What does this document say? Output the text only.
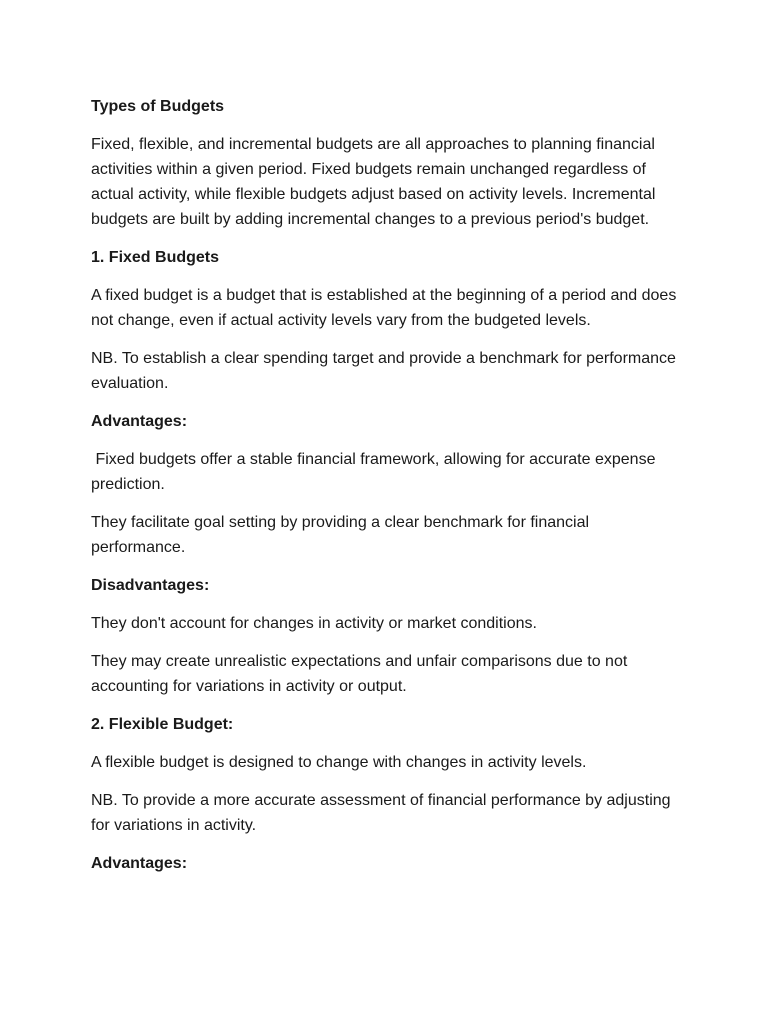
Types of Budgets

Fixed, flexible, and incremental budgets are all approaches to planning financial activities within a given period. Fixed budgets remain unchanged regardless of actual activity, while flexible budgets adjust based on activity levels. Incremental budgets are built by adding incremental changes to a previous period's budget.

1. Fixed Budgets

A fixed budget is a budget that is established at the beginning of a period and does not change, even if actual activity levels vary from the budgeted levels.

NB. To establish a clear spending target and provide a benchmark for performance evaluation.

Advantages:

Fixed budgets offer a stable financial framework, allowing for accurate expense prediction.

They facilitate goal setting by providing a clear benchmark for financial performance.

Disadvantages:

They don't account for changes in activity or market conditions.

They may create unrealistic expectations and unfair comparisons due to not accounting for variations in activity or output.

2. Flexible Budget:

A flexible budget is designed to change with changes in activity levels.

NB. To provide a more accurate assessment of financial performance by adjusting for variations in activity.

Advantages:
